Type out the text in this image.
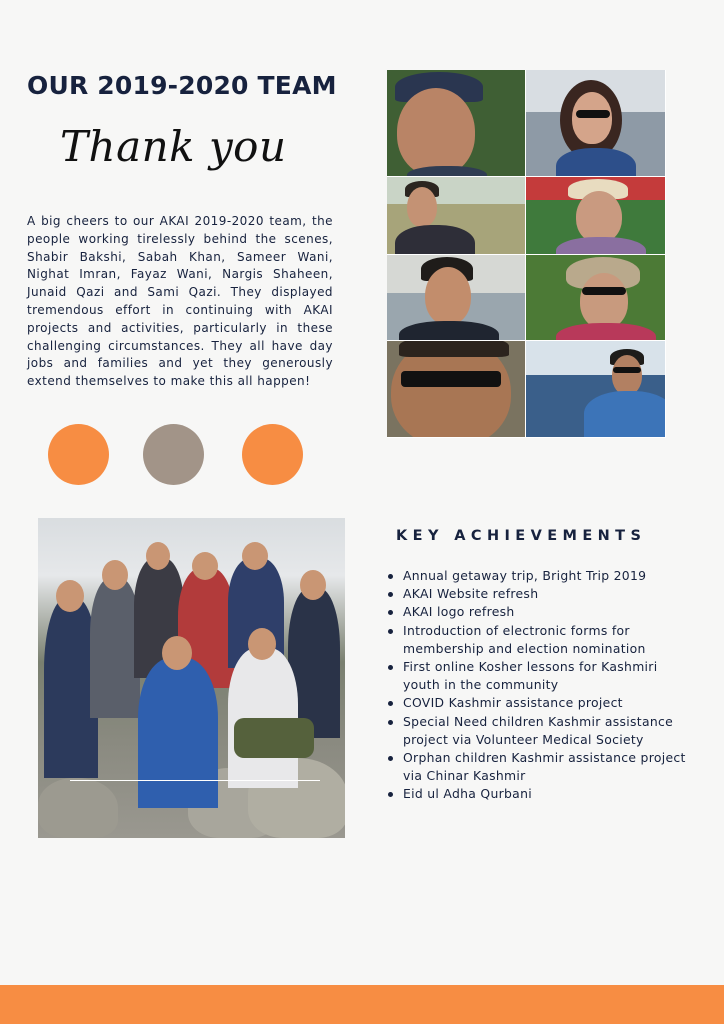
OUR 2019-2020 TEAM
Thank you

A big cheers to our AKAI 2019-2020 team, the people working tirelessly behind the scenes, Shabir Bakshi, Sabah Khan, Sameer Wani, Nighat Imran, Fayaz Wani, Nargis Shaheen, Junaid Qazi and Sami Qazi. They displayed tremendous effort in continuing with AKAI projects and activities, particularly in these challenging circumstances. They all have day jobs and families and yet they generously extend themselves to make this all happen!

KEY ACHIEVEMENTS
Annual getaway trip, Bright Trip 2019
AKAI Website refresh
AKAI logo refresh
Introduction of electronic forms for membership and election nomination
First online Kosher lessons for Kashmiri youth in the community
COVID Kashmir assistance project
Special Need children Kashmir assistance project via Volunteer Medical Society
Orphan children Kashmir assistance project via Chinar Kashmir
Eid ul Adha Qurbani
